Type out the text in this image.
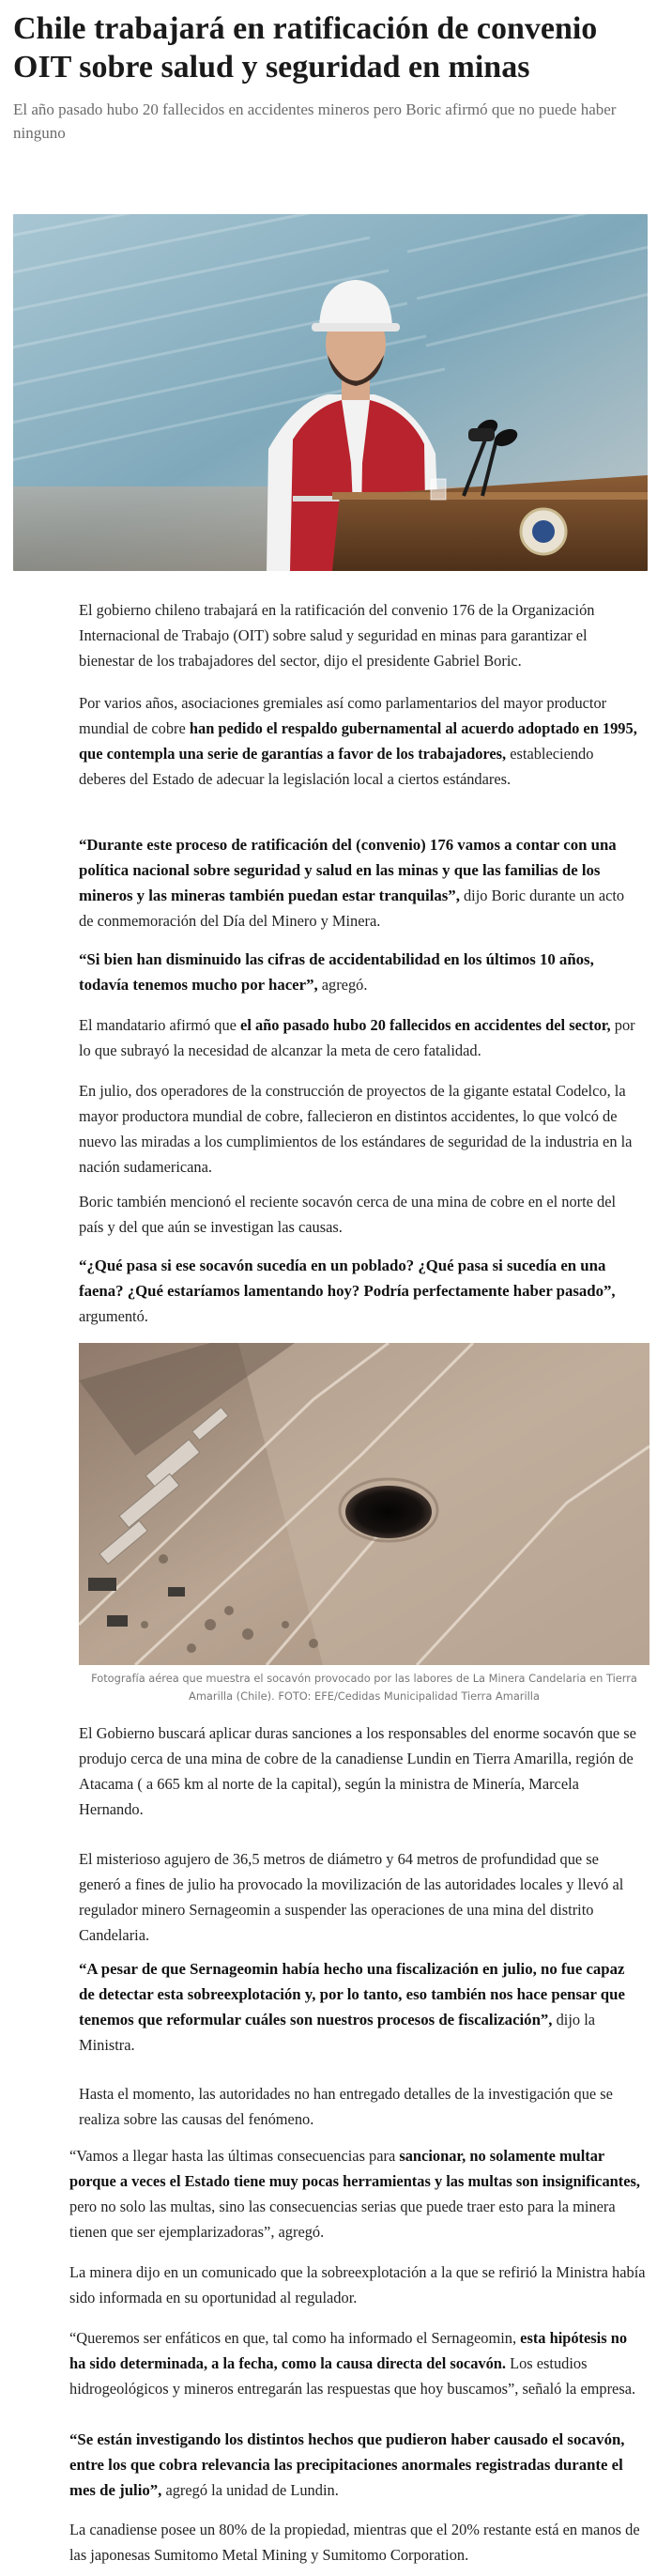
Chile trabajará en ratificación de convenio OIT sobre salud y seguridad en minas

El año pasado hubo 20 fallecidos en accidentes mineros pero Boric afirmó que no puede haber ninguno

El gobierno chileno trabajará en la ratificación del convenio 176 de la Organización Internacional de Trabajo (OIT) sobre salud y seguridad en minas para garantizar el bienestar de los trabajadores del sector, dijo el presidente Gabriel Boric.

Por varios años, asociaciones gremiales así como parlamentarios del mayor productor mundial de cobre han pedido el respaldo gubernamental al acuerdo adoptado en 1995, que contempla una serie de garantías a favor de los trabajadores, estableciendo deberes del Estado de adecuar la legislación local a ciertos estándares.

“Durante este proceso de ratificación del (convenio) 176 vamos a contar con una política nacional sobre seguridad y salud en las minas y que las familias de los mineros y las mineras también puedan estar tranquilas”, dijo Boric durante un acto de conmemoración del Día del Minero y Minera.

“Si bien han disminuido las cifras de accidentabilidad en los últimos 10 años, todavía tenemos mucho por hacer”, agregó.

El mandatario afirmó que el año pasado hubo 20 fallecidos en accidentes del sector, por lo que subrayó la necesidad de alcanzar la meta de cero fatalidad.

En julio, dos operadores de la construcción de proyectos de la gigante estatal Codelco, la mayor productora mundial de cobre, fallecieron en distintos accidentes, lo que volcó de nuevo las miradas a los cumplimientos de los estándares de seguridad de la industria en la nación sudamericana.

Boric también mencionó el reciente socavón cerca de una mina de cobre en el norte del país y del que aún se investigan las causas.

“¿Qué pasa si ese socavón sucedía en un poblado? ¿Qué pasa si sucedía en una faena? ¿Qué estaríamos lamentando hoy? Podría perfectamente haber pasado”, argumentó.

Fotografía aérea que muestra el socavón provocado por las labores de La Minera Candelaria en Tierra Amarilla (Chile). FOTO: EFE/Cedidas Municipalidad Tierra Amarilla

El Gobierno buscará aplicar duras sanciones a los responsables del enorme socavón que se produjo cerca de una mina de cobre de la canadiense Lundin en Tierra Amarilla, región de Atacama ( a 665 km al norte de la capital), según la ministra de Minería, Marcela Hernando.

El misterioso agujero de 36,5 metros de diámetro y 64 metros de profundidad que se generó a fines de julio ha provocado la movilización de las autoridades locales y llevó al regulador minero Sernageomin a suspender las operaciones de una mina del distrito Candelaria.

“A pesar de que Sernageomin había hecho una fiscalización en julio, no fue capaz de detectar esta sobreexplotación y, por lo tanto, eso también nos hace pensar que tenemos que reformular cuáles son nuestros procesos de fiscalización”, dijo la Ministra.

Hasta el momento, las autoridades no han entregado detalles de la investigación que se realiza sobre las causas del fenómeno.

“Vamos a llegar hasta las últimas consecuencias para sancionar, no solamente multar porque a veces el Estado tiene muy pocas herramientas y las multas son insignificantes, pero no solo las multas, sino las consecuencias serias que puede traer esto para la minera tienen que ser ejemplarizadoras”, agregó.

La minera dijo en un comunicado que la sobreexplotación a la que se refirió la Ministra había sido informada en su oportunidad al regulador.

“Queremos ser enfáticos en que, tal como ha informado el Sernageomin, esta hipótesis no ha sido determinada, a la fecha, como la causa directa del socavón. Los estudios hidrogeológicos y mineros entregarán las respuestas que hoy buscamos”, señaló la empresa.

“Se están investigando los distintos hechos que pudieron haber causado el socavón, entre los que cobra relevancia las precipitaciones anormales registradas durante el mes de julio”, agregó la unidad de Lundin.

La canadiense posee un 80% de la propiedad, mientras que el 20% restante está en manos de las japonesas Sumitomo Metal Mining y Sumitomo Corporation.
